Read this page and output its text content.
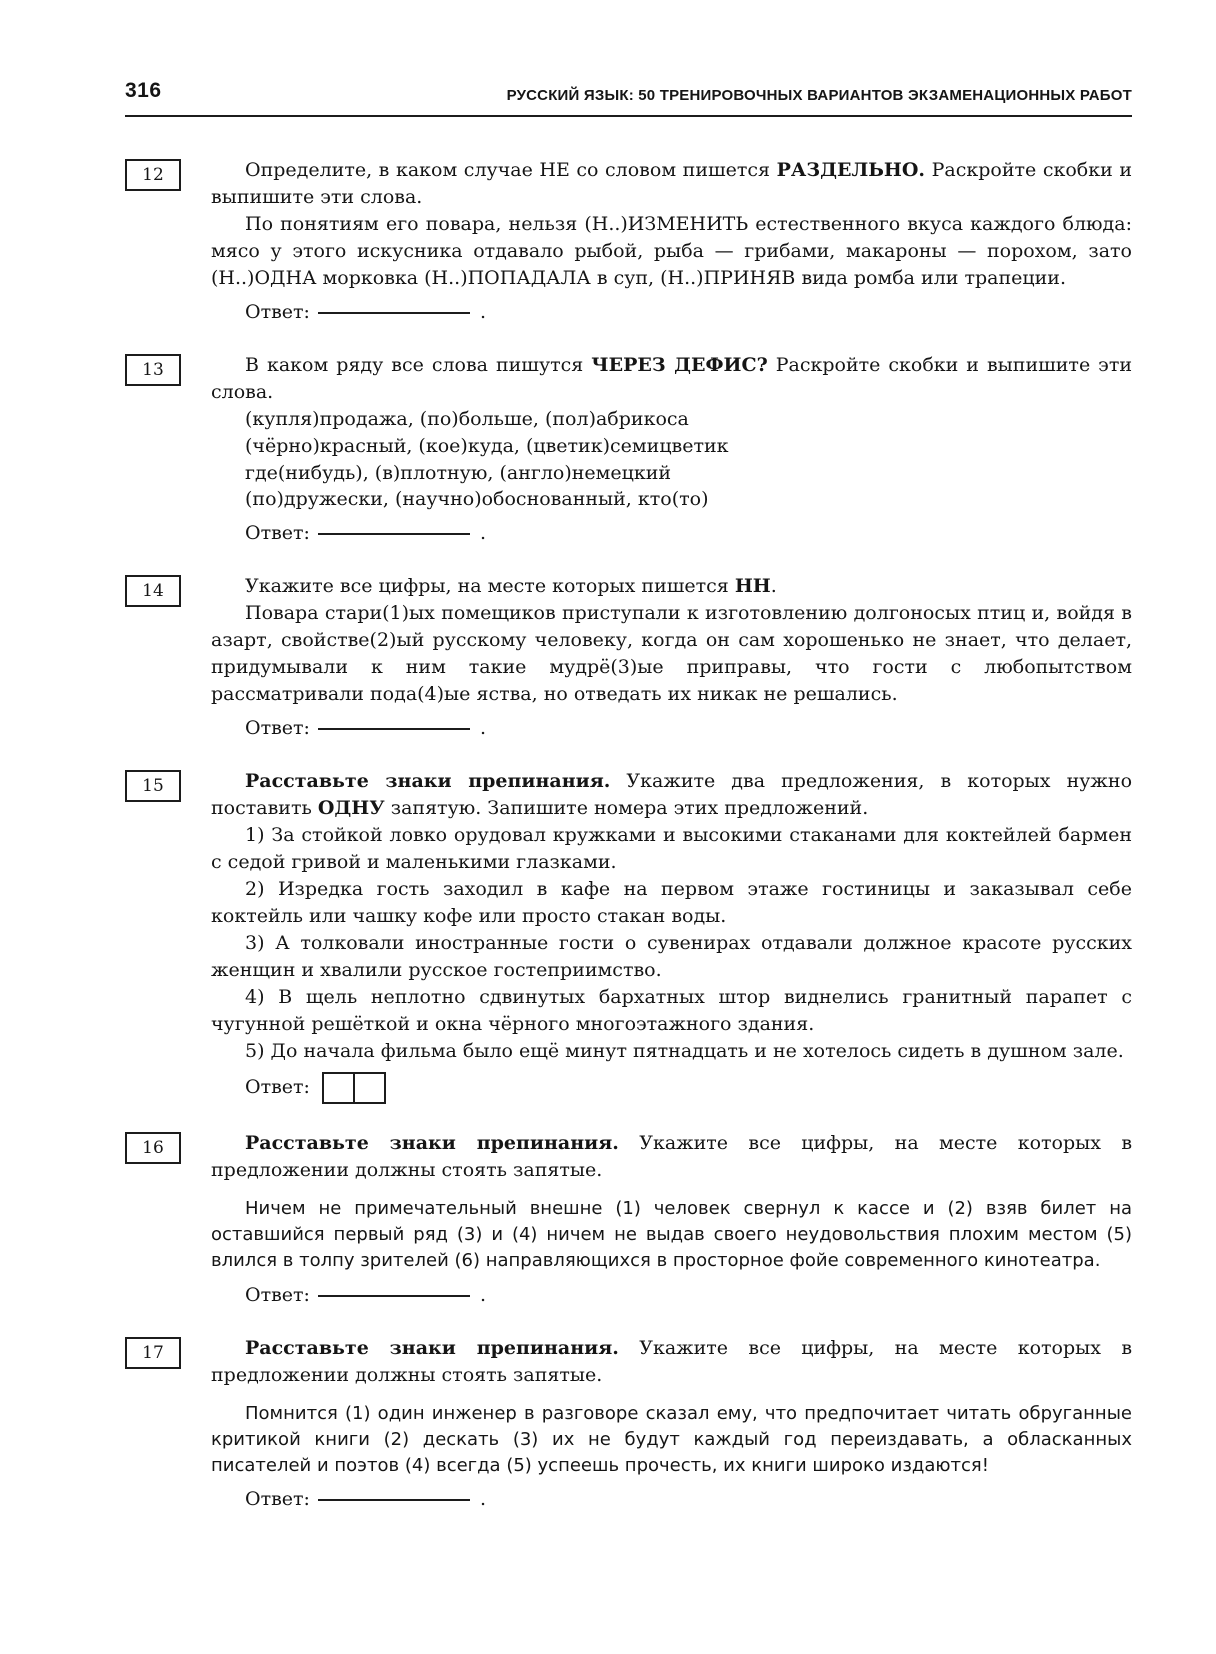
316	РУССКИЙ ЯЗЫК: 50 ТРЕНИРОВОЧНЫХ ВАРИАНТОВ ЭКЗАМЕНАЦИОННЫХ РАБОТ
12	Определите, в каком случае НЕ со словом пишется РАЗДЕЛЬНО. Раскройте скобки и выпишите эти слова.

По понятиям его повара, нельзя (Н..)ИЗМЕНИТЬ естественного вкуса каждого блюда: мясо у этого искусника отдавало рыбой, рыба — грибами, макароны — порохом, зато (Н..)ОДНА морковка (Н..)ПОПАДАЛА в суп, (Н..)ПРИНЯВ вида ромба или трапеции.

Ответ:	.

13	В каком ряду все слова пишутся ЧЕРЕЗ ДЕФИС? Раскройте скобки и выпишите эти слова.

(купля)продажа, (по)больше, (пол)абрикоса

(чёрно)красный, (кое)куда, (цветик)семицветик

где(нибудь), (в)плотную, (англо)немецкий

(по)дружески, (научно)обоснованный, кто(то)

Ответ:	.

14	Укажите все цифры, на месте которых пишется НН.

Повара стари(1)ых помещиков приступали к изготовлению долгоносых птиц и, войдя в азарт, свойстве(2)ый русскому человеку, когда он сам хорошенько не знает, что делает, придумывали к ним такие мудрё(3)ые приправы, что гости с любопытством рассматривали пода(4)ые яства, но отведать их никак не решались.

Ответ:	.

15	Расставьте знаки препинания. Укажите два предложения, в которых нужно поставить ОДНУ запятую. Запишите номера этих предложений.

1) За стойкой ловко орудовал кружками и высокими стаканами для коктейлей бармен с седой гривой и маленькими глазками.

2) Изредка гость заходил в кафе на первом этаже гостиницы и заказывал себе коктейль или чашку кофе или просто стакан воды.

3) А толковали иностранные гости о сувенирах отдавали должное красоте русских женщин и хвалили русское гостеприимство.

4) В щель неплотно сдвинутых бархатных штор виднелись гранитный парапет с чугунной решёткой и окна чёрного многоэтажного здания.

5) До начала фильма было ещё минут пятнадцать и не хотелось сидеть в душном зале.

Ответ:

16	Расставьте знаки препинания. Укажите все цифры, на месте которых в предложении должны стоять запятые.

Ничем не примечательный внешне (1) человек свернул к кассе и (2) взяв билет на оставшийся первый ряд (3) и (4) ничем не выдав своего неудовольствия плохим местом (5) влился в толпу зрителей (6) направляющихся в просторное фойе современного кинотеатра.

Ответ:	.

17	Расставьте знаки препинания. Укажите все цифры, на месте которых в предложении должны стоять запятые.

Помнится (1) один инженер в разговоре сказал ему, что предпочитает читать обруганные критикой книги (2) дескать (3) их не будут каждый год переиздавать, а обласканных писателей и поэтов (4) всегда (5) успеешь прочесть, их книги широко издаются!

Ответ:	.
